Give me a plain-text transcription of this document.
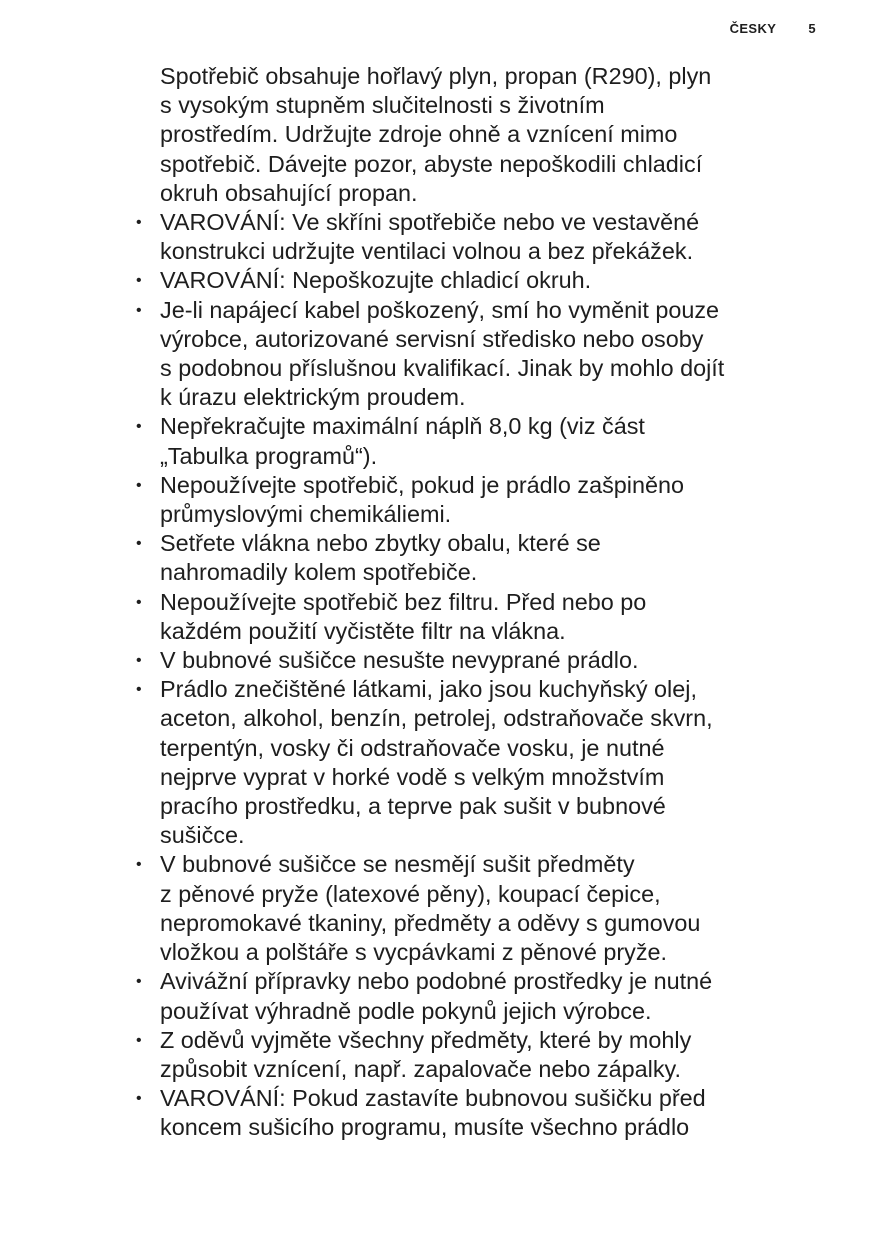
ČESKY 5

Spotřebič obsahuje hořlavý plyn, propan (R290), plyn
s vysokým stupněm slučitelnosti s životním
prostředím. Udržujte zdroje ohně a vznícení mimo
spotřebič. Dávejte pozor, abyste nepoškodili chladicí
okruh obsahující propan.

• VAROVÁNÍ: Ve skříni spotřebiče nebo ve vestavěné
konstrukci udržujte ventilaci volnou a bez překážek.
• VAROVÁNÍ: Nepoškozujte chladicí okruh.
• Je-li napájecí kabel poškozený, smí ho vyměnit pouze
výrobce, autorizované servisní středisko nebo osoby
s podobnou příslušnou kvalifikací. Jinak by mohlo dojít
k úrazu elektrickým proudem.
• Nepřekračujte maximální náplň 8,0 kg (viz část
„Tabulka programů“).
• Nepoužívejte spotřebič, pokud je prádlo zašpiněno
průmyslovými chemikáliemi.
• Setřete vlákna nebo zbytky obalu, které se
nahromadily kolem spotřebiče.
• Nepoužívejte spotřebič bez filtru. Před nebo po
každém použití vyčistěte filtr na vlákna.
• V bubnové sušičce nesušte nevyprané prádlo.
• Prádlo znečištěné látkami, jako jsou kuchyňský olej,
aceton, alkohol, benzín, petrolej, odstraňovače skvrn,
terpentýn, vosky či odstraňovače vosku, je nutné
nejprve vyprat v horké vodě s velkým množstvím
pracího prostředku, a teprve pak sušit v bubnové
sušičce.
• V bubnové sušičce se nesmějí sušit předměty
z pěnové pryže (latexové pěny), koupací čepice,
nepromokavé tkaniny, předměty a oděvy s gumovou
vložkou a polštáře s vycpávkami z pěnové pryže.
• Avivážní přípravky nebo podobné prostředky je nutné
používat výhradně podle pokynů jejich výrobce.
• Z oděvů vyjměte všechny předměty, které by mohly
způsobit vznícení, např. zapalovače nebo zápalky.
• VAROVÁNÍ: Pokud zastavíte bubnovou sušičku před
koncem sušicího programu, musíte všechno prádlo
